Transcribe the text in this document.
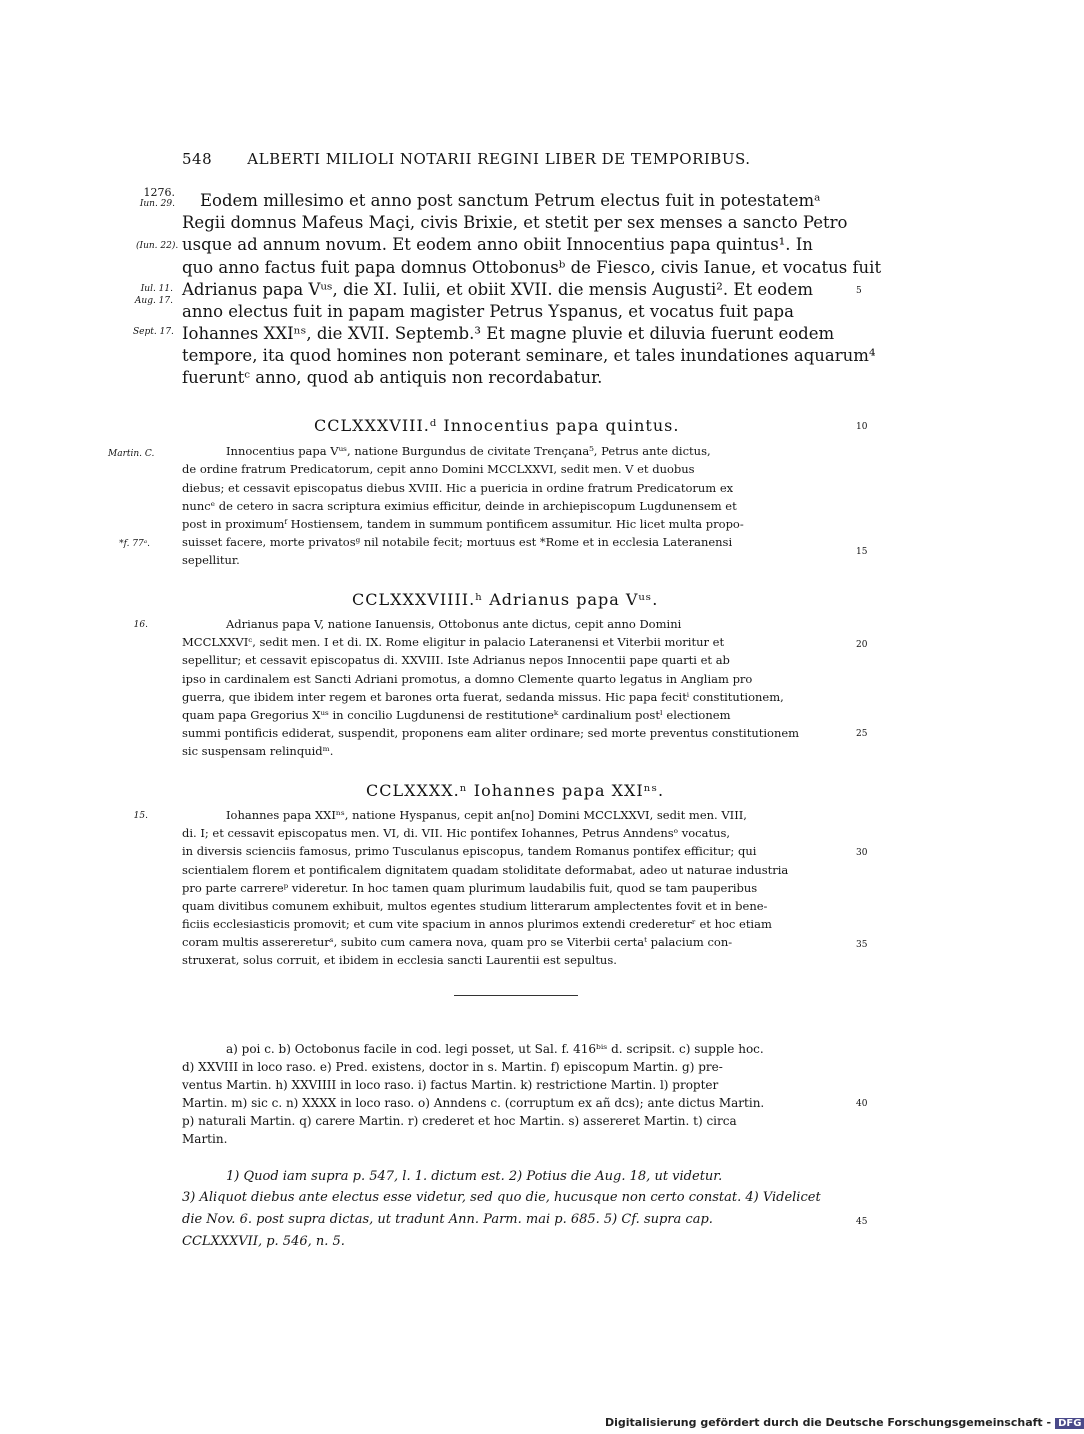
548 ALBERTI MILIOLI NOTARII REGINI LIBER DE TEMPORIBUS.
1276.
Iun. 29.
(Iun. 22).
Iul. 11.
Aug. 17.
Sept. 17.
Eodem millesimo et anno post sanctum Petrum electus fuit in potestatemᵃ
Regii domnus Mafeus Maçi, civis Brixie, et stetit per sex menses a sancto Petro
usque ad annum novum. Et eodem anno obiit Innocentius papa quintus¹. In
quo anno factus fuit papa domnus Ottobonusᵇ de Fiesco, civis Ianue, et vocatus fuit
Adrianus papa Vᵘˢ, die XI. Iulii, et obiit XVII. die mensis Augusti². Et eodem
anno electus fuit in papam magister Petrus Yspanus, et vocatus fuit papa
Iohannes XXIⁿˢ, die XVII. Septemb.³ Et magne pluvie et diluvia fuerunt eodem
tempore, ita quod homines non poterant seminare, et tales inundationes aquarum⁴
fueruntᶜ anno, quod ab antiquis non recordabatur.
5
10
15
20
25
30
35
40
45
CCLXXXVIII.ᵈ Innocentius papa quintus.
Martin. C.
*f. 77ᵃ.
Innocentius papa Vᵘˢ, natione Burgundus de civitate Trençana⁵, Petrus ante dictus,
de ordine fratrum Predicatorum, cepit anno Domini MCCLXXVI, sedit men. V et duobus
diebus; et cessavit episcopatus diebus XVIII. Hic a puericia in ordine fratrum Predicatorum ex
nuncᵉ de cetero in sacra scriptura eximius efficitur, deinde in archiepiscopum Lugdunensem et
post in proximumᶠ Hostiensem, tandem in summum pontificem assumitur. Hic licet multa propo-
suisset facere, morte privatosᵍ nil notabile fecit; mortuus est *Rome et in ecclesia Lateranensi
sepellitur.
CCLXXXVIIII.ʰ Adrianus papa Vᵘˢ.
16.	Adrianus papa V, natione Ianuensis, Ottobonus ante dictus, cepit anno Domini
MCCLXXVIᶜ, sedit men. I et di. IX. Rome eligitur in palacio Lateranensi et Viterbii moritur et
sepellitur; et cessavit episcopatus di. XXVIII. Iste Adrianus nepos Innocentii pape quarti et ab
ipso in cardinalem est Sancti Adriani promotus, a domno Clemente quarto legatus in Angliam pro
guerra, que ibidem inter regem et barones orta fuerat, sedanda missus. Hic papa fecitⁱ constitutionem,
quam papa Gregorius Xᵘˢ in concilio Lugdunensi de restitutioneᵏ cardinalium postˡ electionem
summi pontificis ediderat, suspendit, proponens eam aliter ordinare; sed morte preventus constitutionem
sic suspensam relinquidᵐ.
CCLXXXX.ⁿ Iohannes papa XXIⁿˢ.
15.	Iohannes papa XXIⁿˢ, natione Hyspanus, cepit an[no] Domini MCCLXXVI, sedit men. VIII,
di. I; et cessavit episcopatus men. VI, di. VII. Hic pontifex Iohannes, Petrus Anndensᵒ vocatus,
in diversis scienciis famosus, primo Tusculanus episcopus, tandem Romanus pontifex efficitur; qui
scientialem florem et pontificalem dignitatem quadam stoliditate deformabat, adeo ut naturae industria
pro parte carrereᵖ videretur. In hoc tamen quam plurimum laudabilis fuit, quod se tam pauperibus
quam divitibus comunem exhibuit, multos egentes studium litterarum amplectentes fovit et in bene-
ficiis ecclesiasticis promovit; et cum vite spacium in annos plurimos extendi credereturʳ et hoc etiam
coram multis asserereturˢ, subito cum camera nova, quam pro se Viterbii certaᵗ palacium con-
struxerat, solus corruit, et ibidem in ecclesia sancti Laurentii est sepultus.
a) poi c. b) Octobonus facile in cod. legi posset, ut Sal. f. 416ᵇⁱˢ d. scripsit. c) supple hoc.
d) XXVIII in loco raso. e) Pred. existens, doctor in s. Martin. f) episcopum Martin. g) pre-
ventus Martin. h) XXVIIII in loco raso. i) factus Martin. k) restrictione Martin. l) propter
Martin. m) sic c. n) XXXX in loco raso. o) Anndens c. (corruptum ex añ dcs); ante dictus Martin.
p) naturali Martin. q) carere Martin. r) crederet et hoc Martin. s) assereret Martin. t) circa
Martin.
1) Quod iam supra p. 547, l. 1. dictum est. 2) Potius die Aug. 18, ut videtur.
3) Aliquot diebus ante electus esse videtur, sed quo die, hucusque non certo constat. 4) Videlicet
die Nov. 6. post supra dictas, ut tradunt Ann. Parm. mai p. 685. 5) Cf. supra cap.
CCLXXXVII, p. 546, n. 5.
Digitalisierung gefördert durch die Deutsche Forschungsgemeinschaft - DFG
